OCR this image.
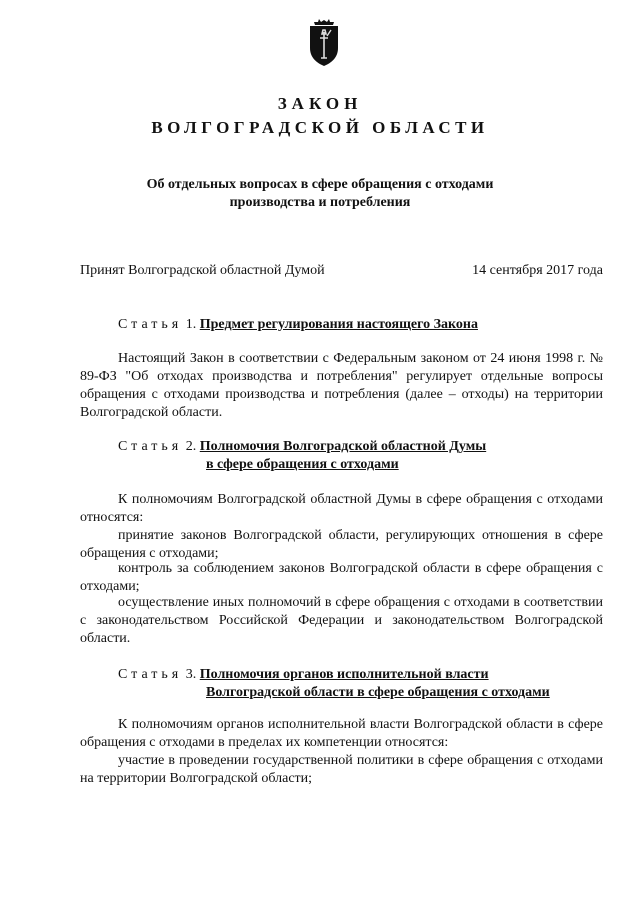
ЗАКОН
ВОЛГОГРАДСКОЙ ОБЛАСТИ
Об отдельных вопросах в сфере обращения с отходами
производства и потребления
Принят Волгоградской областной Думой	14 сентября 2017 года
Статья 1. Предмет регулирования настоящего Закона
Настоящий Закон в соответствии с Федеральным законом от 24 июня 1998 г. № 89-ФЗ "Об отходах производства и потребления" регулирует отдельные вопросы обращения с отходами производства и потребления (далее – отходы) на территории Волгоградской области.
Статья 2. Полномочия Волгоградской областной Думы
в сфере обращения с отходами
К полномочиям Волгоградской областной Думы в сфере обращения с отходами относятся:
принятие законов Волгоградской области, регулирующих отношения в сфере обращения с отходами;
контроль за соблюдением законов Волгоградской области в сфере обращения с отходами;
осуществление иных полномочий в сфере обращения с отходами в соответствии с законодательством Российской Федерации и законодательством Волгоградской области.
Статья 3. Полномочия органов исполнительной власти
Волгоградской области в сфере обращения с отходами
К полномочиям органов исполнительной власти Волгоградской области в сфере обращения с отходами в пределах их компетенции относятся:
участие в проведении государственной политики в сфере обращения с отходами на территории Волгоградской области;
